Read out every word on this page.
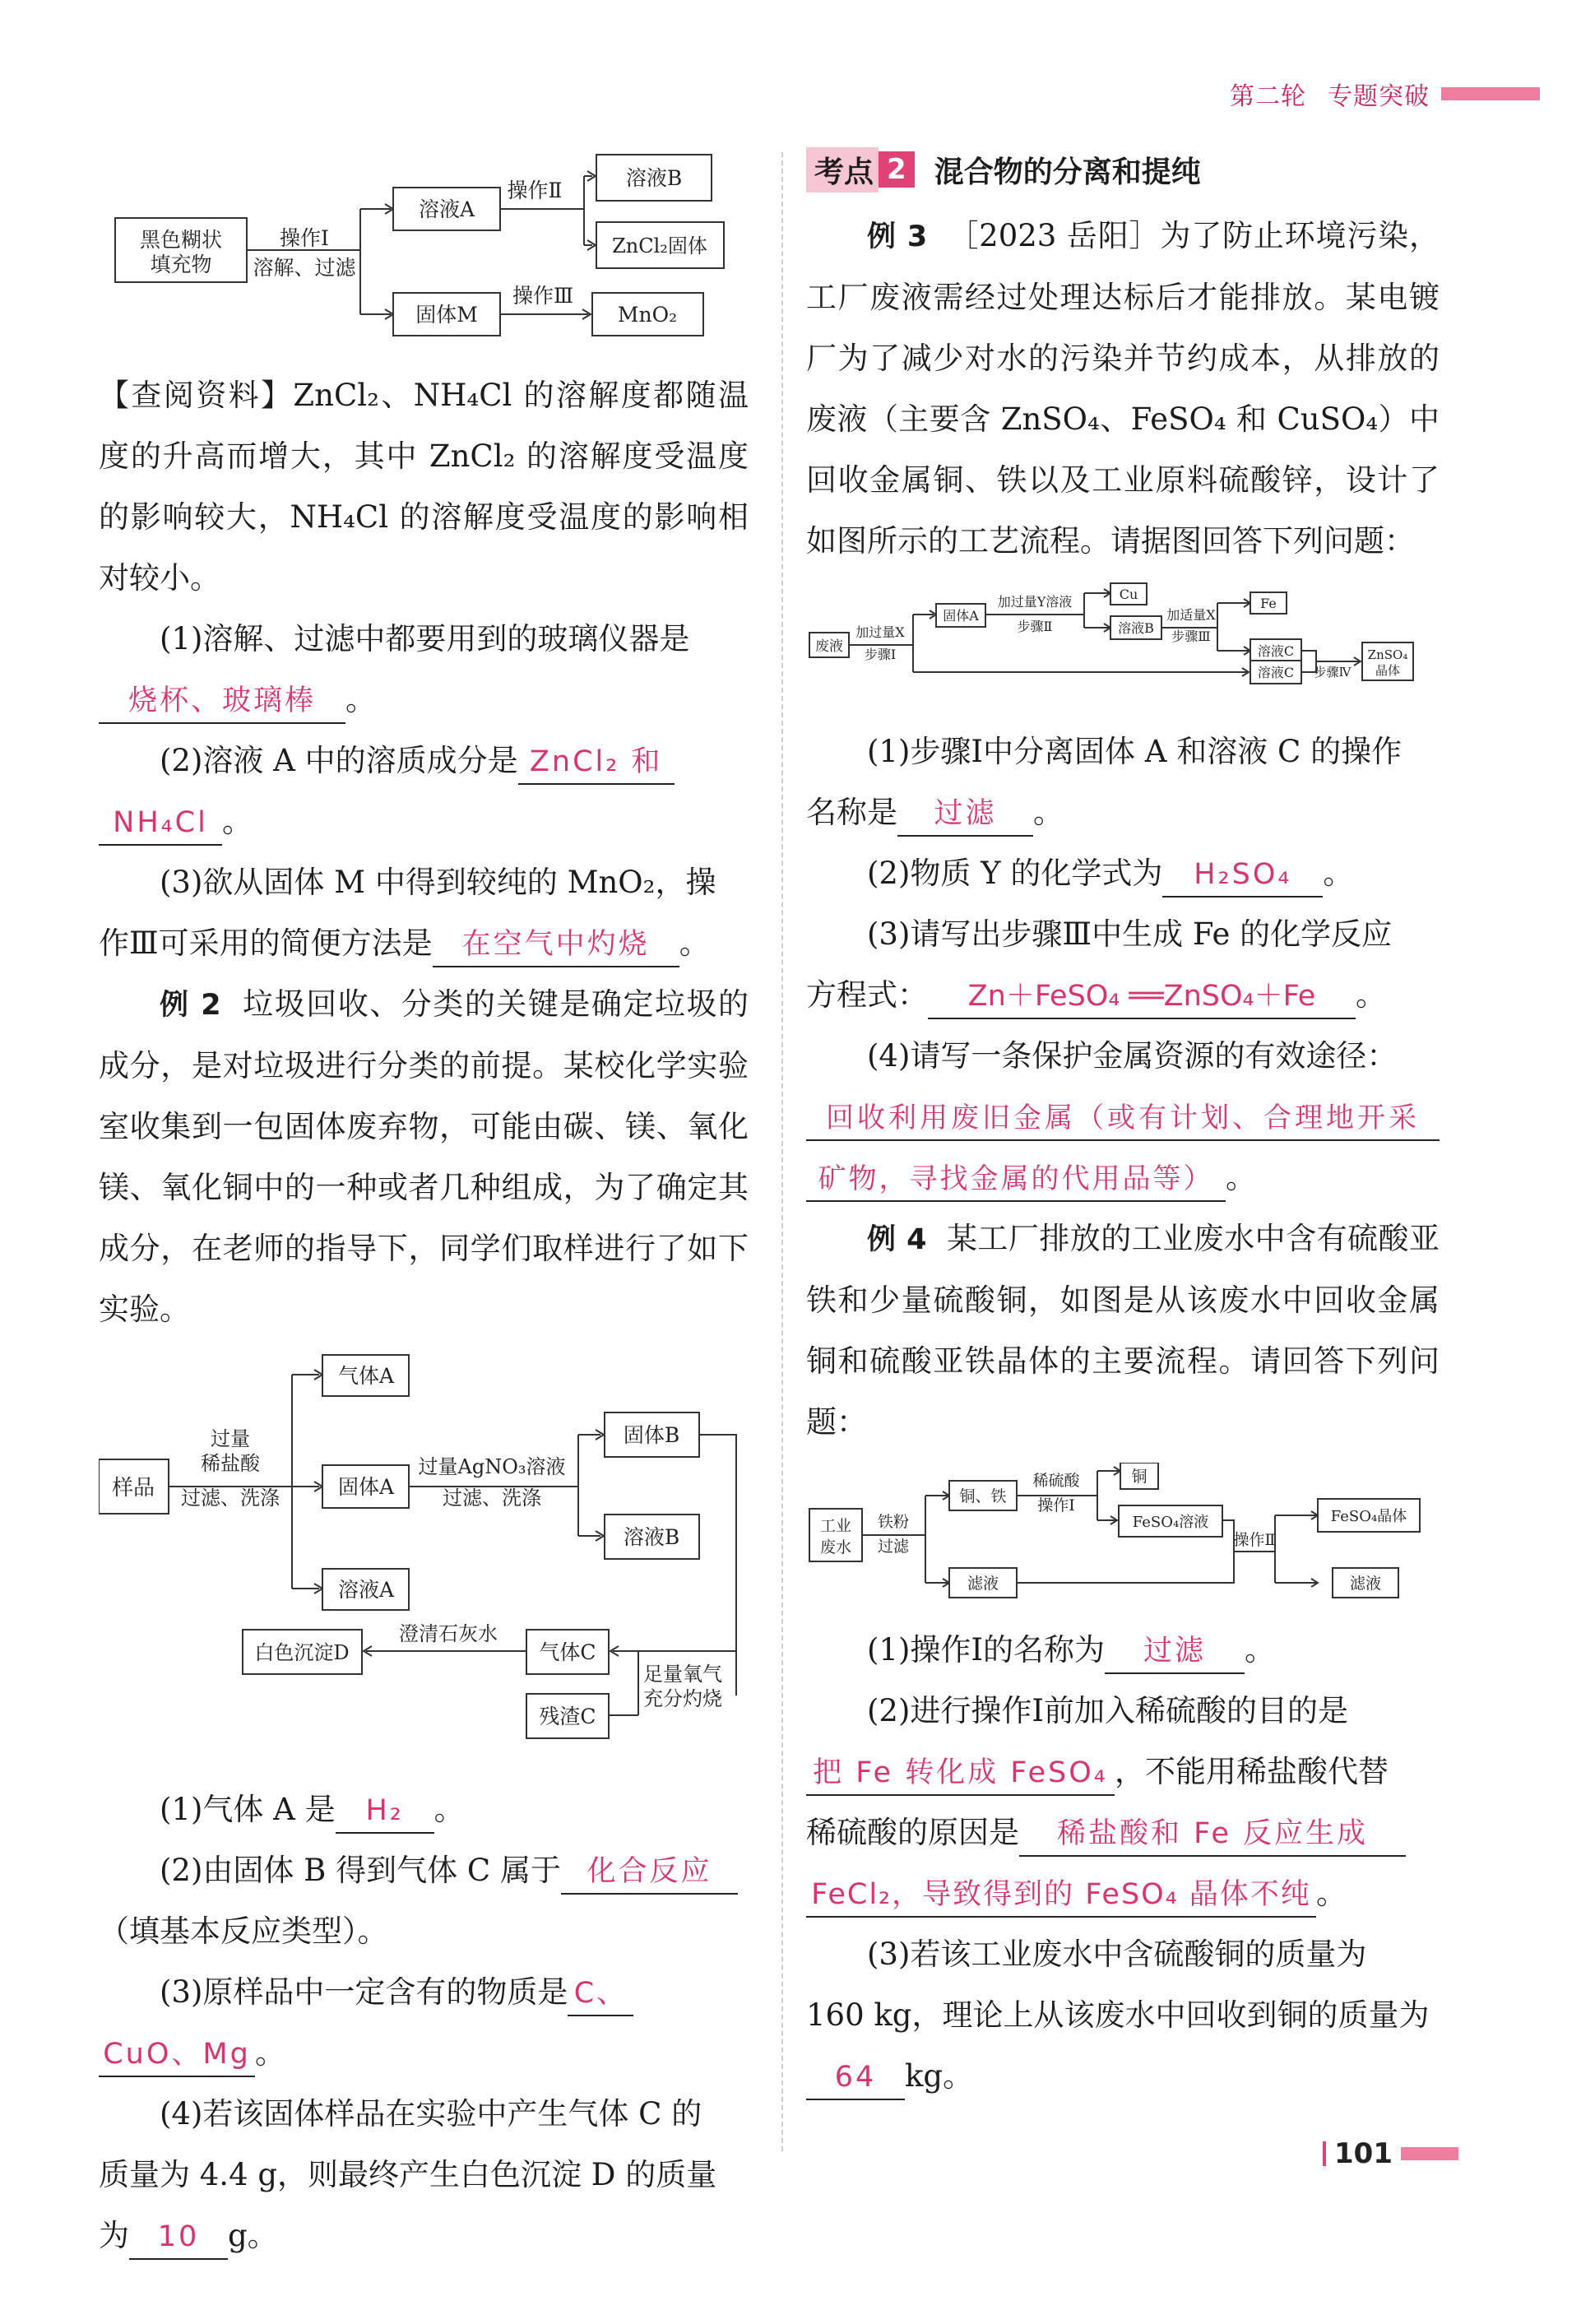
第二轮 专题突破
黑色糊状
填充物
操作Ⅰ
溶解、过滤
溶液A
固体M
操作Ⅱ
溶液B
ZnCl₂固体
操作Ⅲ
MnO₂

【查阅资料】ZnCl₂、NH₄Cl 的溶解度都随温度的升高而增大，其中 ZnCl₂ 的溶解度受温度的影响较大，NH₄Cl 的溶解度受温度的影响相对较小。

(1)溶解、过滤中都要用到的玻璃仪器是

烧杯、玻璃棒 。

(2)溶液 A 中的溶质成分是 ZnCl₂ 和

NH₄Cl 。

(3)欲从固体 M 中得到较纯的 MnO₂，操

作Ⅲ可采用的简便方法是 在空气中灼烧 。

例 2 垃圾回收、分类的关键是确定垃圾的成分，是对垃圾进行分类的前提。某校化学实验室收集到一包固体废弃物，可能由碳、镁、氧化镁、氧化铜中的一种或者几种组成，为了确定其成分，在老师的指导下，同学们取样进行了如下实验。

样品
过量
稀盐酸
过滤、洗涤
气体A
固体A
溶液A
过量AgNO₃溶液
过滤、洗涤
固体B
溶液B
足量氧气
充分灼烧
气体C
残渣C
澄清石灰水
白色沉淀D

(1)气体 A 是 H₂ 。

(2)由固体 B 得到气体 C 属于 化合反应

（填基本反应类型）。

(3)原样品中一定含有的物质是 C、

CuO、Mg 。

(4)若该固体样品在实验中产生气体 C 的

质量为 4.4 g，则最终产生白色沉淀 D 的质量

为 10 g。

考点 2 混合物的分离和提纯

例 3 ［2023 岳阳］为了防止环境污染，工厂废液需经过处理达标后才能排放。某电镀厂为了减少对水的污染并节约成本，从排放的废液（主要含 ZnSO₄、FeSO₄ 和 CuSO₄）中回收金属铜、铁以及工业原料硫酸锌，设计了如图所示的工艺流程。请据图回答下列问题：

废液
加过量X
步骤Ⅰ
固体A
加过量Y溶液
步骤Ⅱ
Cu
溶液B
加适量X
步骤Ⅲ
Fe
溶液C
溶液C 步骤Ⅳ
ZnSO₄
晶体

(1)步骤Ⅰ中分离固体 A 和溶液 C 的操作

名称是 过滤 。

(2)物质 Y 的化学式为 H₂SO₄ 。

(3)请写出步骤Ⅲ中生成 Fe 的化学反应

方程式： Zn＋FeSO₄ ══ZnSO₄＋Fe 。

(4)请写一条保护金属资源的有效途径：

回收利用废旧金属（或有计划、合理地开采

矿物，寻找金属的代用品等） 。

例 4 某工厂排放的工业废水中含有硫酸亚铁和少量硫酸铜，如图是从该废水中回收金属铜和硫酸亚铁晶体的主要流程。请回答下列问题：

工业
废水
铁粉
过滤
铜、铁
滤液
稀硫酸
操作Ⅰ
铜
FeSO₄溶液
操作Ⅱ
FeSO₄晶体
滤液

(1)操作Ⅰ的名称为 过滤 。

(2)进行操作Ⅰ前加入稀硫酸的目的是

把 Fe 转化成 FeSO₄ ，不能用稀盐酸代替

稀硫酸的原因是 稀盐酸和 Fe 反应生成

FeCl₂，导致得到的 FeSO₄ 晶体不纯 。

(3)若该工业废水中含硫酸铜的质量为

160 kg，理论上从该废水中回收到铜的质量为

64 kg。

101
